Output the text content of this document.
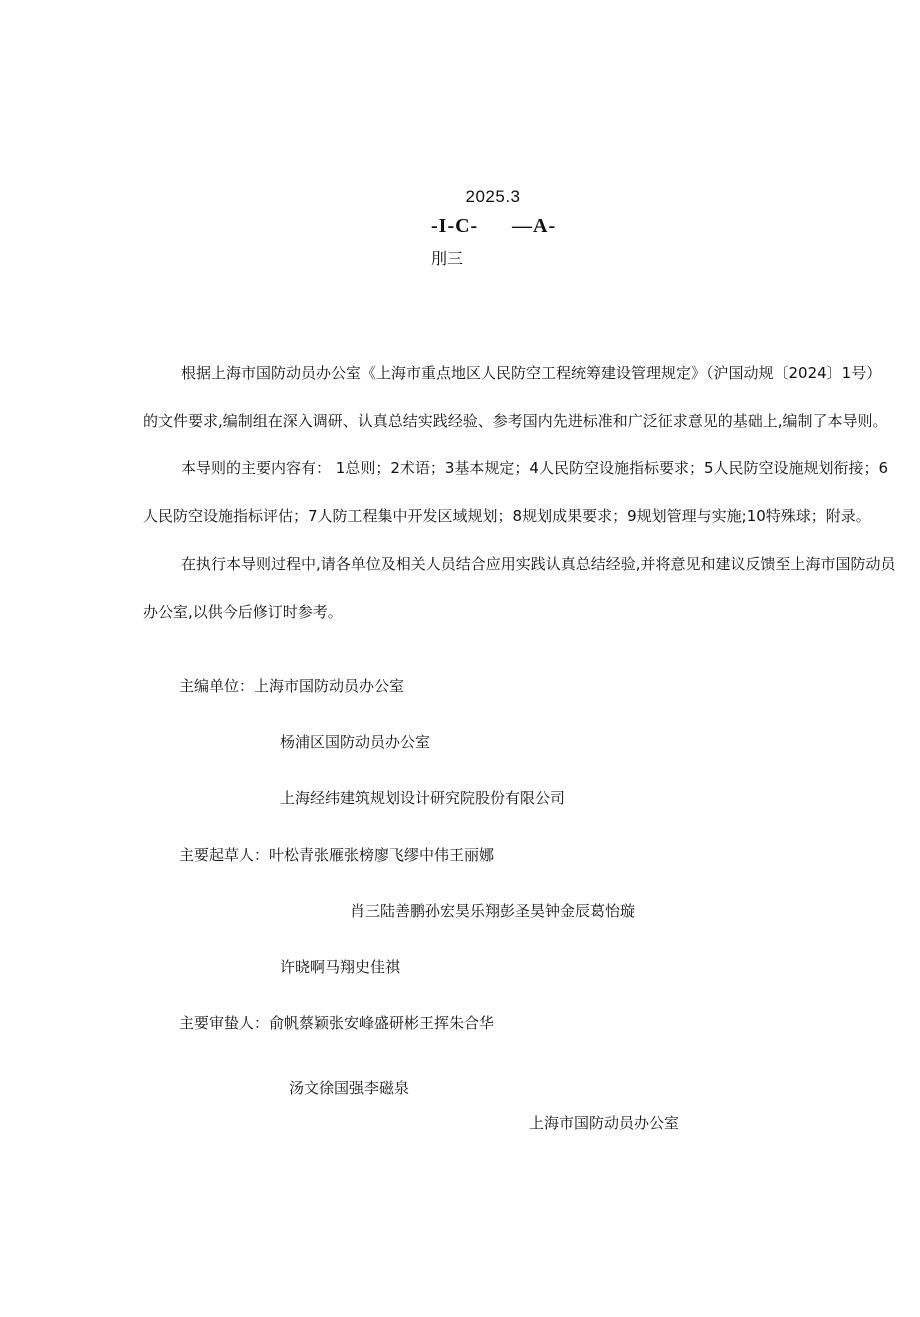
2025.3
-I-C- —A-
刖三
根据上海市国防动员办公室《上海市重点地区人民防空工程统筹建设管理规定》（沪国动规〔2024〕1号）
的文件要求,编制组在深入调研、认真总结实践经验、参考国内先进标准和广泛征求意见的基础上,编制了本导则。
本导则的主要内容有： 1总则；2术语；3基本规定；4人民防空设施指标要求；5人民防空设施规划衔接；6
人民防空设施指标评估；7人防工程集中开发区域规划；8规划成果要求；9规划管理与实施;10特殊球；附录。
在执行本导则过程中,请各单位及相关人员结合应用实践认真总结经验,并将意见和建议反馈至上海市国防动员
办公室,以供今后修订时参考。
主编单位：上海市国防动员办公室
杨浦区国防动员办公室
上海经纬建筑规划设计研究院股份有限公司
主要起草人：叶松青张雁张榜廖飞缪中伟王丽娜
肖三陆善鹏孙宏昊乐翔彭圣昊钟金辰葛怡璇
许晓啊马翔史佳祺
主要审蛰人：俞帆蔡颖张安峰盛研彬王挥朱合华
汤文徐国强李磁泉
上海市国防动员办公室
